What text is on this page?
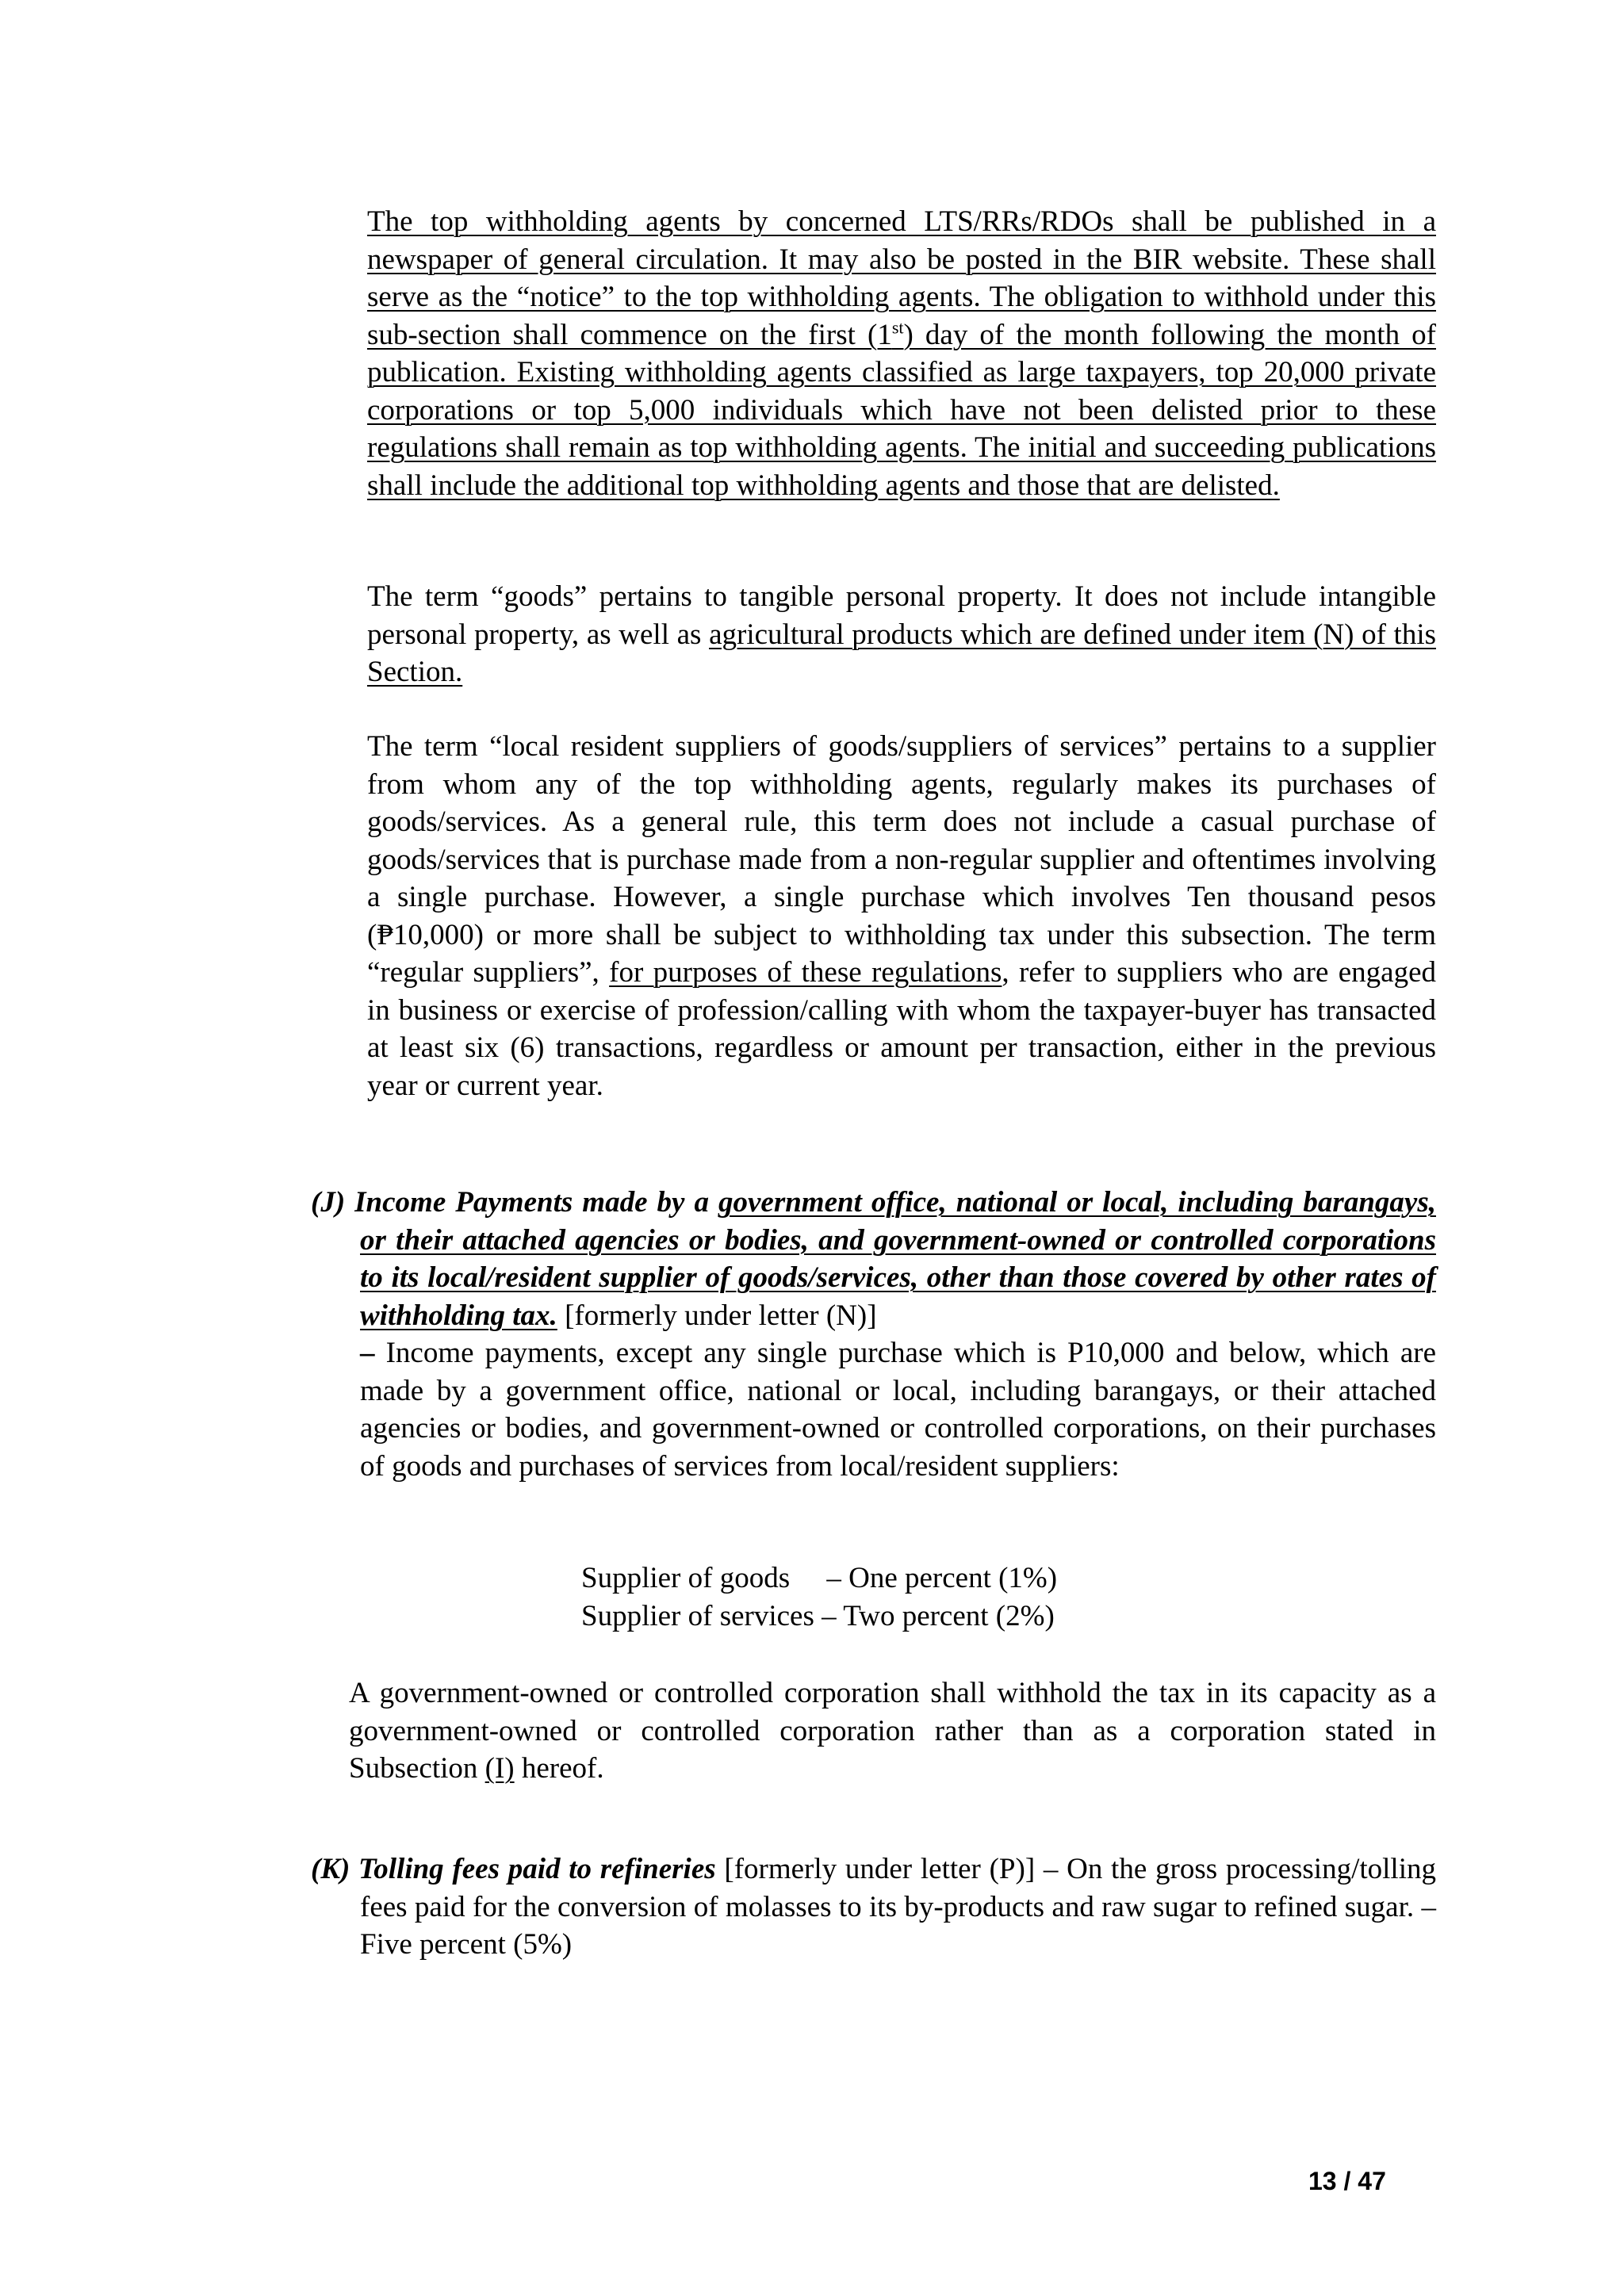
The top withholding agents by concerned LTS/RRs/RDOs shall be published in a newspaper of general circulation. It may also be posted in the BIR website. These shall serve as the “notice” to the top withholding agents. The obligation to withhold under this sub-section shall commence on the first (1st) day of the month following the month of publication. Existing withholding agents classified as large taxpayers, top 20,000 private corporations or top 5,000 individuals which have not been delisted prior to these regulations shall remain as top withholding agents. The initial and succeeding publications shall include the additional top withholding agents and those that are delisted.

The term “goods” pertains to tangible personal property. It does not include intangible personal property, as well as agricultural products which are defined under item (N) of this Section.

The term “local resident suppliers of goods/suppliers of services” pertains to a supplier from whom any of the top withholding agents, regularly makes its purchases of goods/services. As a general rule, this term does not include a casual purchase of goods/services that is purchase made from a non-regular supplier and oftentimes involving a single purchase. However, a single purchase which involves Ten thousand pesos (₱10,000) or more shall be subject to withholding tax under this subsection. The term “regular suppliers”, for purposes of these regulations, refer to suppliers who are engaged in business or exercise of profession/calling with whom the taxpayer-buyer has transacted at least six (6) transactions, regardless or amount per transaction, either in the previous year or current year.

(J) Income Payments made by a government office, national or local, including barangays, or their attached agencies or bodies, and government-owned or controlled corporations to its local/resident supplier of goods/services, other than those covered by other rates of withholding tax. [formerly under letter (N)]
– Income payments, except any single purchase which is P10,000 and below, which are made by a government office, national or local, including barangays, or their attached agencies or bodies, and government-owned or controlled corporations, on their purchases of goods and purchases of services from local/resident suppliers:

Supplier of goods     – One percent (1%)
Supplier of services – Two percent (2%)

A government-owned or controlled corporation shall withhold the tax in its capacity as a government-owned or controlled corporation rather than as a corporation stated in Subsection (I) hereof.

(K) Tolling fees paid to refineries [formerly under letter (P)] – On the gross processing/tolling fees paid for the conversion of molasses to its by-products and raw sugar to refined sugar. – Five percent (5%)

13 / 47
